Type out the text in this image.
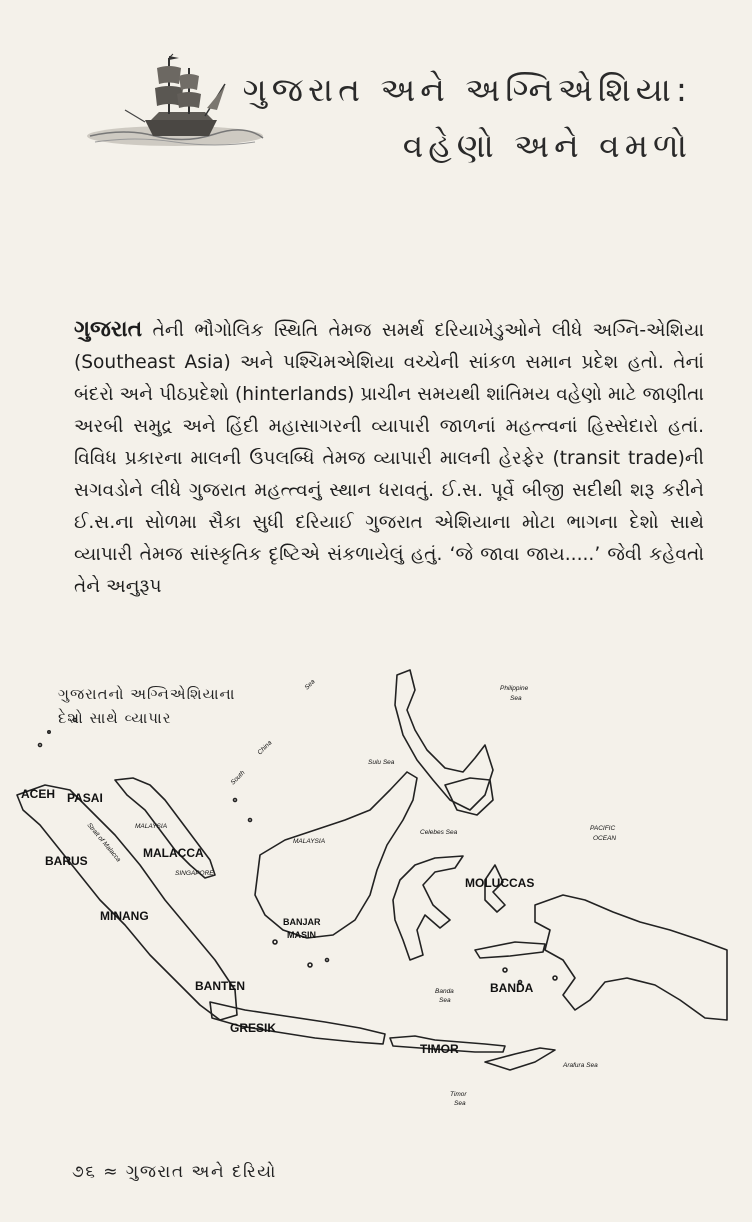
ગુજરાત અને અગ્નિએશિયા:
વહેણો અને વમળો
ગુજરાત તેની ભૌગોલિક સ્થિતિ તેમજ સમર્થ દરિયાખેડુઓને લીધે અગ્નિ-એશિયા (Southeast Asia) અને પશ્ચિમએશિયા વચ્ચેની સાંકળ સમાન પ્રદેશ હતો. તેનાં બંદરો અને પીઠપ્રદેશો (hinterlands) પ્રાચીન સમયથી શાંતિમય વહેણો માટે જાણીતા અરબી સમુદ્ર અને હિંદી મહાસાગરની વ્યાપારી જાળનાં મહત્ત્વનાં હિસ્સેદારો હતાં. વિવિધ પ્રકારના માલની ઉપલબ્ધિ તેમજ વ્યાપારી માલની હેરફેર (transit trade)ની સગવડોને લીધે ગુજરાત મહત્ત્વનું સ્થાન ધરાવતું. ઈ.સ. પૂર્વે બીજી સદીથી શરૂ કરીને ઈ.સ.ના સોળમા સૈકા સુધી દરિયાઈ ગુજરાત એશિયાના મોટા ભાગના દેશો સાથે વ્યાપારી તેમજ સાંસ્કૃતિક દૃષ્ટિએ સંકળાયેલું હતું. ‘જે જાવા જાય.....’ જેવી કહેવતો તેને અનુરૂપ
ગુજરાતનો અગ્નિએશિયાના
દેશો સાથે વ્યાપાર
ACEH PASAI
MALAYSIA
MALACCA
SINGAPORE
BARUS
MINANG
MALAYSIA
BANJAR
MASIN
BANTEN
GRESIK
MOLUCCAS
BANDA
TIMOR
Philippine
Sea
South
China
Sea
Sulu Sea
Celebes Sea
PACIFIC
OCEAN
Strait of Malacca
Banda
Sea
Arafura Sea
Timor
Sea
૭૬ ≈ ગુજરાત અને દરિયો
